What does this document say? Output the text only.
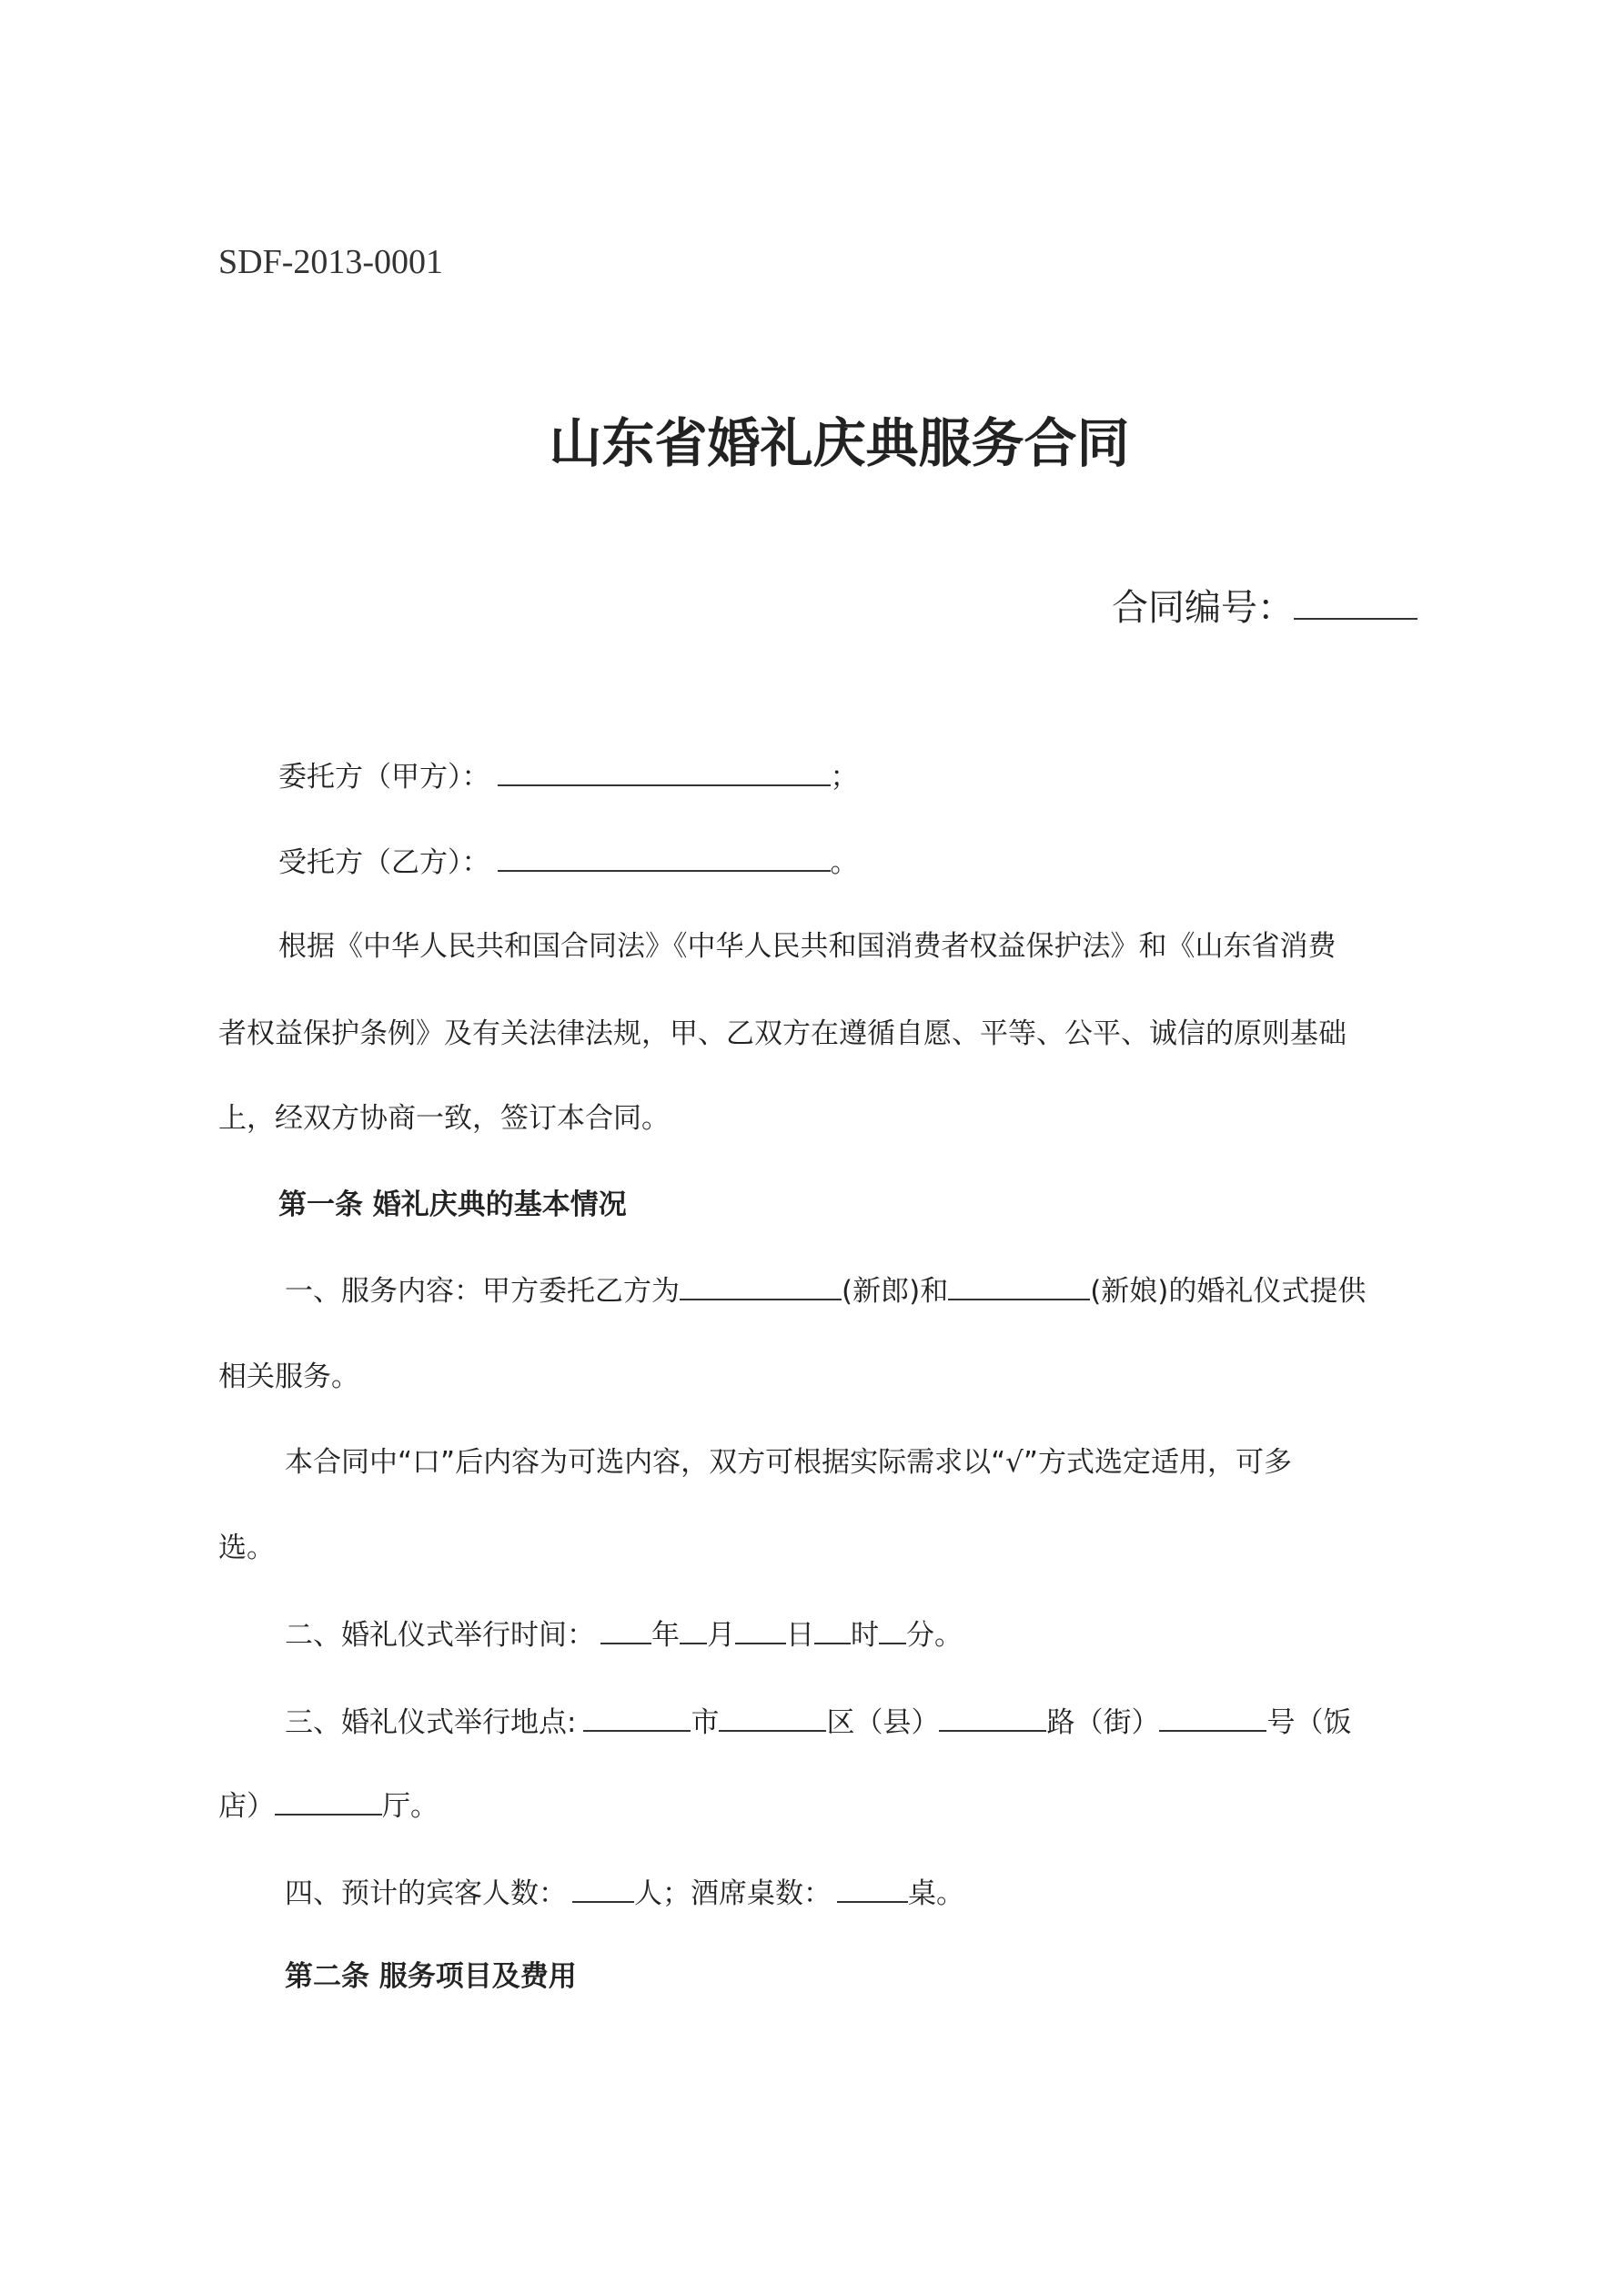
SDF-2013-0001
山东省婚礼庆典服务合同
合同编号：
委托方（甲方）：	；
受托方（乙方）：	。
根据《中华人民共和国合同法》《中华人民共和国消费者权益保护法》和《山东省消费
者权益保护条例》及有关法律法规，甲、乙双方在遵循自愿、平等、公平、诚信的原则基础
上，经双方协商一致，签订本合同。
第一条 婚礼庆典的基本情况
一、服务内容：甲方委托乙方为	(新郎)和	(新娘)的婚礼仪式提供
相关服务。
本合同中“口”后内容为可选内容，双方可根据实际需求以“√”方式选定适用，可多
选。
二、婚礼仪式举行时间： 年 月 日 时 分。
三、婚礼仪式举行地点:	市	区（县）	路（街）	号（饭
店）	厅。
四、预计的宾客人数： 人；酒席桌数：	桌。
第二条 服务项目及费用
